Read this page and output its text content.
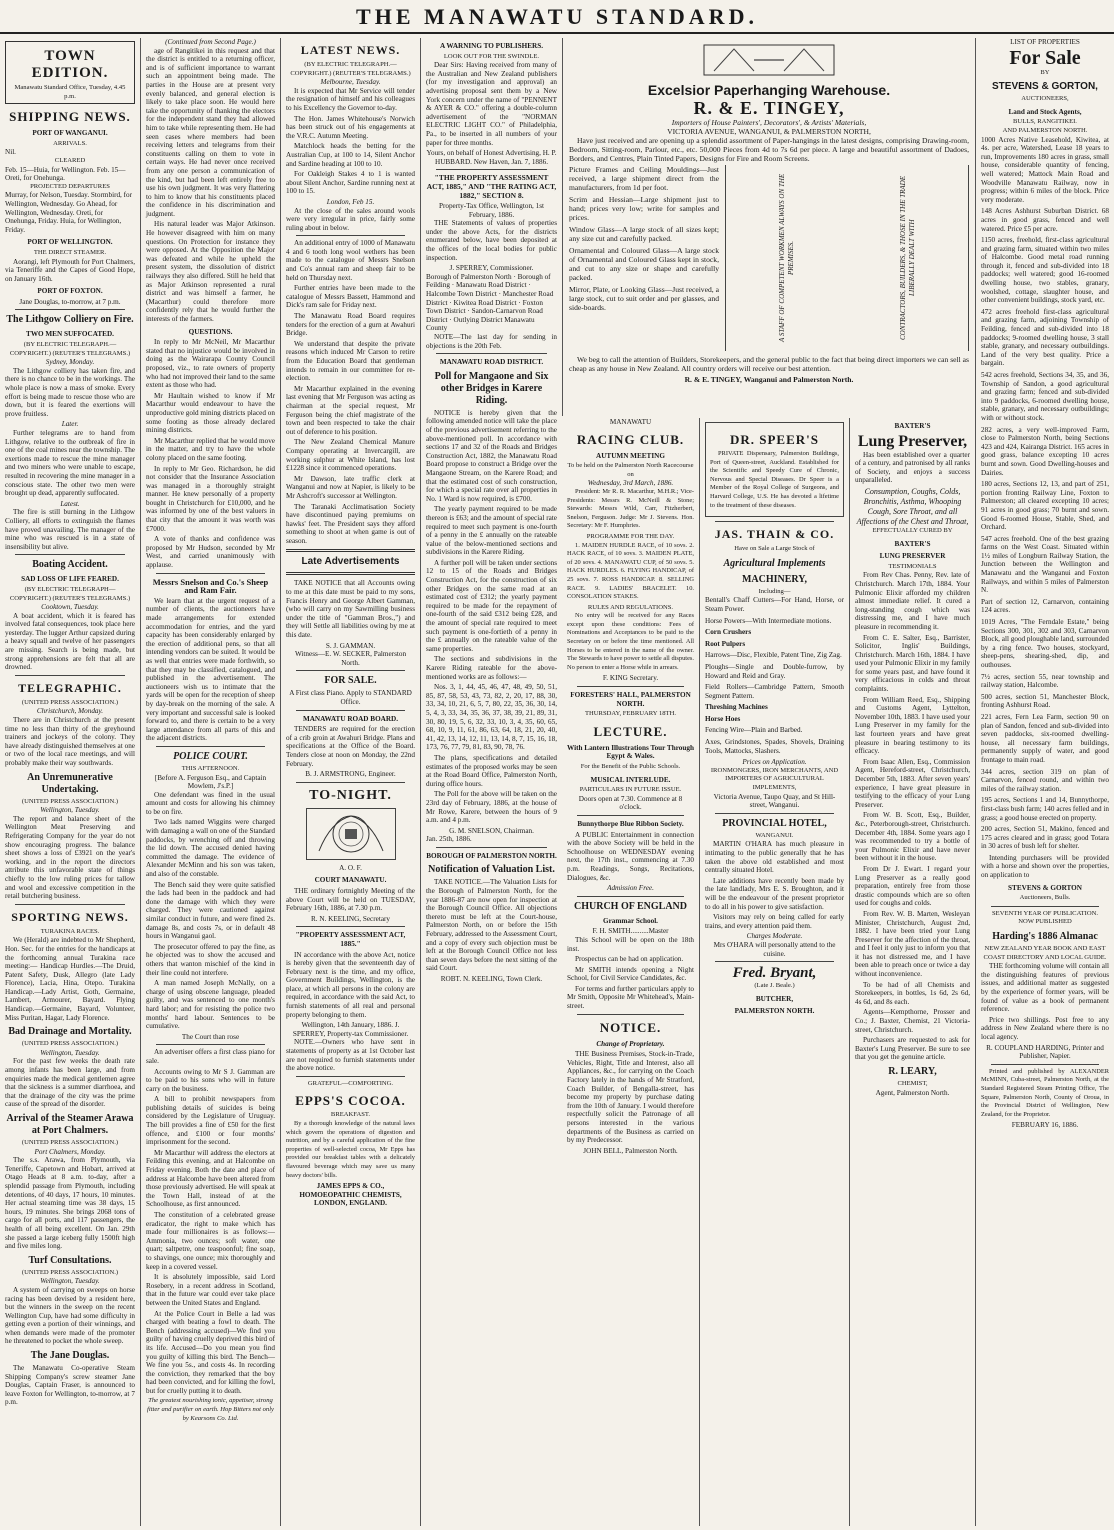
THE MANAWATU STANDARD.
TOWN EDITION.
Manawatu Standard Office, Tuesday, 4.45 p.m.
SHIPPING NEWS.
PORT OF WANGANUI.
ARRIVALS.
Nil.
CLEARED
Feb. 15—Huia, for Wellington. Feb. 15—Oreti, for Onehunga.
PROJECTED DEPARTURES
Murray, for Nelson, Tuesday. Stormbird, for Wellington, Wednesday. Go Ahead, for Wellington, Wednesday. Oreti, for Onehunga, Friday. Huia, for Wellington, Friday.
PORT OF WELLINGTON.
THE DIRECT STEAMER.
Aorangi, left Plymouth for Port Chalmers, via Teneriffe and the Capes of Good Hope, on January 16th.
PORT OF FOXTON.
Jane Douglas, to-morrow, at 7 p.m.
The Lithgow Colliery on Fire.
TWO MEN SUFFOCATED.
(BY ELECTRIC TELEGRAPH.—COPYRIGHT.) (REUTER'S TELEGRAMS.)
Sydney, Monday.
The Lithgow colliery has taken fire, and there is no chance to be in the workings. The whole place is now a mass of smoke. Every effort is being made to rescue those who are down, but it is feared the exertions will prove fruitless.
Later.
Further telegrams are to hand from Lithgow, relative to the outbreak of fire in one of the coal mines near the township. The exertions made to rescue the mine manager and two miners who were unable to escape, resulted in recovering the mine manager in a conscious state. The other two men were brought up dead, apparently suffocated.
Latest.
The fire is still burning in the Lithgow Colliery, all efforts to extinguish the flames have proved unavailing. The manager of the mine who was rescued is in a state of insensibility but alive.
Boating Accident.
SAD LOSS OF LIFE FEARED.
(BY ELECTRIC TELEGRAPH—COPYRIGHT.) (REUTER'S TELEGRAMS.)
Cooktown, Tuesday.
A boat accident, which it is feared has involved fatal consequences, took place here yesterday. The lugger Arthur capsized during a heavy squall and twelve of her passengers are missing. Search is being made, but strong apprehensions are felt that all are drowned.
TELEGRAPHIC.
(UNITED PRESS ASSOCIATION.)
Christchurch, Monday.
There are in Christchurch at the present time no less than thirty of the greyhound trainers and jockeys of the colony. They have already distinguished themselves at one or two of the local race meetings, and will probably make their way southwards.
An Unremunerative Undertaking.
(UNITED PRESS ASSOCIATION.)
Wellington, Tuesday.
The report and balance sheet of the Wellington Meat Preserving and Refrigerating Company for the year do not show encouraging progress. The balance sheet shows a loss of £3921 on the year's working, and in the report the directors attribute this unfavorable state of things chiefly to the low ruling prices for tallow and wool and excessive competition in the retail butchering business.
SPORTING NEWS.
TURAKINA RACES.
We (Herald) are indebted to Mr Shepherd, Hon. Sec. for the entries for the handicaps at the forthcoming annual Turakina race meeting:— Handicap Hurdles.—The Druid, Patent Safety, Dusk, Allegro (late Lady Florence), Lacia, Hina, Otepo. Turakina Handicap.—Lady Artist, Goth, Germaine, Lambert, Armourer, Bayard. Flying Handicap.—Germaine, Bayard, Volunteer, Miss Puritan, Hagar, Lady Florence.
Bad Drainage and Mortality.
(UNITED PRESS ASSOCIATION.)
Wellington, Tuesday.
For the past few weeks the death rate among infants has been large, and from enquiries made the medical gentlemen agree that the sickness is a summer diarrhoea, and that the drainage of the city was the prime cause of the spread of the disorder.
Arrival of the Steamer Arawa at Port Chalmers.
(UNITED PRESS ASSOCIATION.)
Port Chalmers, Monday.
The s.s. Arawa, from Plymouth, via Teneriffe, Capetown and Hobart, arrived at Otago Heads at 8 a.m. to-day, after a splendid passage from Plymouth, including detentions, of 40 days, 17 hours, 10 minutes. Her actual steaming time was 38 days, 15 hours, 19 minutes. She brings 2068 tons of cargo for all ports, and 117 passengers, the health of all being excellent. On Jan. 29th she passed a large iceberg fully 1500ft high and five miles long.
Turf Consultations.
(UNITED PRESS ASSOCIATION.)
Wellington, Tuesday.
A system of carrying on sweeps on horse racing has been devised by a resident here, but the winners in the sweep on the recent Wellington Cup, have had some difficulty in getting even a portion of their winnings, and when demands were made of the promoter he threatened to pocket the whole sweep.
The Jane Douglas.
The Manawatu Co-operative Steam Shipping Company's screw steamer Jane Douglas, Captain Fraser, is announced to leave Foxton for Wellington, to-morrow, at 7 p.m.
(Continued from Second Page.)
age of Rangitikei in this request and that the district is entitled to a returning officer, and is of sufficient importance to warrant such an appointment being made. The parties in the House are at present very evenly balanced, and general election is likely to take place soon. He would here take the opportunity of thanking the electors for the independent stand they had allowed him to take while representing them. He had seen cases where members had been receiving letters and telegrams from their constituents calling on them to vote in certain ways. He had never once received from any one person a communication of the kind, but had been left entirely free to use his own judgment. It was very flattering to him to know that his constituents placed the confidence in his discrimination and judgment.
His natural leader was Major Atkinson. He however disagreed with him on many questions. On Protection for instance they were opposed. At the Opposition the Major was defeated and while he upheld the present system, the dissolution of district railways they also differed. Still he held that as Major Atkinson represented a rural district and was himself a farmer, he (Macarthur) could therefore more confidently rely that he would further the interests of the farmers.
QUESTIONS.
In reply to Mr McNeil, Mr Macarthur stated that no injustice would be involved in doing as the Wairarapa County Council proposed, viz., to rate owners of property who had not improved their land to the same extent as those who had.
Mr Haultain wished to know if Mr Macarthur would endeavour to have the unproductive gold mining districts placed on some footing as those already declared mining districts.
Mr Macarthur replied that he would move in the matter, and try to have the whole colony placed on the same footing.
In reply to Mr Geo. Richardson, he did not consider that the Insurance Association was managed in a thoroughly straight manner. He knew personally of a property bought in Christchurch for £10,000, and he was informed by one of the best valuers in that city that the amount it was worth was £7000.
A vote of thanks and confidence was proposed by Mr Hudson, seconded by Mr West, and carried unanimously with applause.
Messrs Snelson and Co.'s Sheep and Ram Fair.
We learn that at the urgent request of a number of clients, the auctioneers have made arrangements for extended accommodation for entries, and the yard capacity has been considerably enlarged by the erection of additional pens, so that all intending vendors can be suited. It would be as well that entries were made forthwith, so that they may be classified, catalogued, and published in the advertisement. The auctioneers wish us to intimate that the yards will be open for the reception of sheep by day-break on the morning of the sale. A very important and successful sale is looked forward to, and there is certain to be a very large attendance from all parts of this and the adjacent districts.
POLICE COURT.
THIS AFTERNOON.
[Before A. Ferguson Esq., and Captain Mowlem, J's.P.]
One defendant was fined in the usual amount and costs for allowing his chimney to be on fire.
Two lads named Wiggins were charged with damaging a wall on one of the Standard paddocks, by wrenching off and throwing the lid down. The accused denied having committed the damage. The evidence of Alexander McMinn and his son was taken, and also of the constable.
The Bench said they were quite satisfied the lads had been in the paddock and had done the damage with which they were charged. They were cautioned against similar conduct in future, and were fined 2s. damage 8s, and costs 7s, or in default 48 hours in Wanganui gaol.
The prosecutor offered to pay the fine, as he objected was to show the accused and others that wanton mischief of the kind in their line could not interfere.
A man named Joseph McNally, on a charge of using obscene language, pleaded guilty, and was sentenced to one month's hard labor; and for resisting the police two months' hard labour. Sentences to be cumulative.
The Court than rose
An advertiser offers a first class piano for sale.
Accounts owing to Mr S J. Gamman are to be paid to his sons who will in future carry on the business.
A bill to prohibit newspapers from publishing details of suicides is being considered by the Legislature of Uruguay. The bill provides a fine of £50 for the first offence, and £100 or four months' imprisonment for the second.
Mr Macarthur will address the electors at Feilding this evening, and at Halcombe on Friday evening. Both the date and place of address at Halcombe have been altered from those previously advertised. He will speak at the Town Hall, instead of at the Schoolhouse, as first announced.
The constitution of a celebrated grease eradicator, the right to make which has made four millionaires is as follows:—Ammonia, two ounces; soft water, one quart; saltpetre, one teaspoonful; fine soap, to shavings, one ounce; mix thoroughly and keep in a covered vessel.
It is absolutely impossible, said Lord Rosebery, in a recent address in Scotland, that in the future war could ever take place between the United States and England.
At the Police Court in Belle a lad was charged with beating a fowl to death. The Bench (addressing accused)—We find you guilty of having cruelly deprived this bird of its life. Accused—Do you mean you find you guilty of killing this bird. The Bench—We fine you 5s., and costs 4s. In recording the conviction, they remarked that the boy had been convicted, and for killing the fowl, but for cruelly putting it to death.
The greatest nourishing tonic, appetiser, strong fitter and purifier on earth. Hop Bitters not only by Kearsons Co. Ltd.
LATEST NEWS.
(BY ELECTRIC TELEGRAPH.—COPYRIGHT.) (REUTER'S TELEGRAMS.)
Melbourne, Tuesday.
It is expected that Mr Service will tender the resignation of himself and his colleagues to his Excellency the Governor to-day.
The Hon. James Whitehouse's Norwich has been struck out of his engagements at the V.R.C. Autumn Meeting.
Matchlock heads the betting for the Australian Cup, at 100 to 14, Silent Anchor and Sardine heading at 100 to 10.
For Oakleigh Stakes 4 to 1 is wanted about Silent Anchor, Sardine running next at 100 to 15.
London, Feb 15.
At the close of the sales around wools were very irregular in price, fairly some ruling about in below.
An additional entry of 1000 of Manawatu 4 and 6 tooth long wool wethers has been made to the catalogue of Messrs Snelson and Co's annual ram and sheep fair to be held on Thursday next.
Further entries have been made to the catalogue of Messrs Bassett, Hammond and Dick's ram sale for Friday next.
The Manawatu Road Board requires tenders for the erection of a gurn at Awahuri Bridge.
We understand that despite the private reasons which induced Mr Carson to retire from the Education Board that gentleman intends to remain in our committee for re-election.
Mr Macarthur explained in the evening last evening that Mr Ferguson was acting as chairman at the special request, Mr Ferguson being the chief magistrate of the town and been respected to take the chair out of deference to his position.
The New Zealand Chemical Manure Company operating at Invercargill, are working sulphur at White Island, has lost £1228 since it commenced operations.
Mr Dawson, late traffic clerk at Wanganui and now at Napier, is likely to be Mr Ashcroft's successor at Wellington.
The Taranaki Acclimatisation Society have discontinued paying premiums on hawks' feet. The President says they afford something to shoot at when game is out of season.
Late Advertisements
TAKE NOTICE that all Accounts owing to me at this date must be paid to my sons, Francis Henry and George Albert Gamman, (who will carry on my Sawmilling business under the title of "Gamman Bros.,") and they will Settle all liabilities owing by me at this date.
S. J. GAMMAN.
Witness—E. W. SECKER, Palmerston North.
FOR SALE.
A First class Piano. Apply to STANDARD Office.
MANAWATU ROAD BOARD.
TENDERS are required for the erection of a crib groin at Awahuri Bridge. Plans and specifications at the Office of the Board. Tenders close at noon on Monday, the 22nd February.
B. J. ARMSTRONG, Engineer.
TO-NIGHT.
A. O. F.
COURT MANAWATU.
THE ordinary fortnightly Meeting of the above Court will be held on TUESDAY, February 16th, 1886, at 7.30 p.m.
R. N. KEELING, Secretary
"PROPERTY ASSESSMENT ACT, 1885."
IN accordance with the above Act, notice is hereby given that the seventeenth day of February next is the time, and my office, Government Buildings, Wellington, is the place, at which all persons in the colony are required, in accordance with the said Act, to furnish statements of all real and personal property belonging to them.
Wellington, 14th January, 1886. J. SPERREY, Property-tax Commissioner.
NOTE.—Owners who have sent in statements of property as at 1st October last are not required to furnish statements under the above notice.
GRATEFUL—COMFORTING.
EPPS'S COCOA.
BREAKFAST.
By a thorough knowledge of the natural laws which govern the operations of digestion and nutrition, and by a careful application of the fine properties of well-selected cocoa, Mr Epps has provided our breakfast tables with a delicately flavoured beverage which may save us many heavy doctors' bills.
JAMES EPPS & CO., HOMOEOPATHIC CHEMISTS, LONDON, ENGLAND.
A WARNING TO PUBLISHERS.
LOOK OUT FOR THE SWINDLE.
Dear Sirs: Having received from many of the Australian and New Zealand publishers (for my investigation and approval) an advertising proposal sent them by a New York concern under the name of "PENNENT & AYER & CO." offering a double-column advertisement of the "NORMAN ELECTRIC LIGHT CO." of Philadelphia, Pa., to be inserted in all numbers of your paper for three months.
Yours, on behalf of Honest Advertising, H. P. HUBBARD. New Haven, Jan. 7, 1886.
"THE PROPERTY ASSESSMENT ACT, 1885," AND "THE RATING ACT, 1882," SECTION 8.
Property-Tax Office, Wellington, 1st February, 1886.
THE Statements of values of properties under the above Acts, for the districts enumerated below, have been deposited at the offices of the local bodies for public inspection.
J. SPERREY, Commissioner.
Borough of Palmerston North · Borough of Feilding · Manawatu Road District · Halcombe Town District · Manchester Road District · Kiwitea Road District · Foxton Town District · Sandon-Carnarvon Road District · Outlying District Manawatu County
NOTE—The last day for sending in objections is the 20th Feb.
MANAWATU ROAD DISTRICT.
Poll for Mangaone and Six other Bridges in Karere Riding.
NOTICE is hereby given that the following amended notice will take the place of the previous advertisement referring to the above-mentioned poll. In accordance with sections 17 and 32 of the Roads and Bridges Construction Act, 1882, the Manawatu Road Board propose to construct a Bridge over the Mangaone Stream, on the Karere Road; and that the estimated cost of such construction, for which a special rate over all properties in No. 1 Ward is now required, is £700.
The yearly payment required to be made thereon is £63; and the amount of special rate required to meet such payment is one-fourth of a penny in the £ annually on the rateable value of the below-mentioned sections and subdivisions in the Karere Riding.
A further poll will be taken under sections 12 to 15 of the Roads and Bridges Construction Act, for the construction of six other Bridges on the same road at an estimated cost of £312; the yearly payment required to be made for the repayment of one-fourth of the said £312 being £28, and the amount of special rate required to meet such payment is one-fortieth of a penny in the £ annually on the rateable value of the same properties.
The sections and subdivisions in the Karere Riding rateable for the above-mentioned works are as follows:—
Nos. 3, 1, 44, 45, 46, 47, 48, 49, 50, 51, 85, 87, 58, 53, 43, 73, 82, 2, 20, 17, 88, 30, 33, 34, 10, 21, 6, 5, 7, 80, 22, 35, 36, 30, 14, 5, 4, 3, 33, 34, 35, 36, 37, 38, 39, 21, 89, 31, 30, 80, 19, 5, 6, 32, 33, 10, 3, 4, 35, 60, 65, 68, 10, 9, 11, 61, 86, 63, 64, 18, 21, 20, 40, 41, 42, 13, 14, 12, 11, 13, 14, 8, 7, 15, 16, 18, 173, 76, 77, 79, 81, 83, 90, 78, 76.
The plans, specifications and detailed estimates of the proposed works may be seen at the Road Board Office, Palmerston North, during office hours.
The Poll for the above will be taken on the 23rd day of February, 1886, at the house of Mr Rowe, Karere, between the hours of 9 a.m. and 4 p.m.
G. M. SNELSON, Chairman.
Jan. 25th, 1886.
BOROUGH OF PALMERSTON NORTH.
Notification of Valuation List.
TAKE NOTICE.—The Valuation Lists for the Borough of Palmerston North, for the year 1886-87 are now open for inspection at the Borough Council Office. All objections thereto must be left at the Court-house, Palmerston North, on or before the 15th February, addressed to the Assessment Court, and a copy of every such objection must be left at the Borough Council Office not less than seven days before the next sitting of the said Court.
ROBT. N. KEELING, Town Clerk.
Excelsior Paperhanging Warehouse.
R. & E. TINGEY,
Importers of House Painters', Decorators', & Artists' Materials,
VICTORIA AVENUE, WANGANUI, & PALMERSTON NORTH,
Have just received and are opening up a splendid assortment of Paper-hangings in the latest designs, comprising Drawing-room, Bedroom, Sitting-room, Parlour, etc., etc. 50,000 Pieces from 4d to 7s 6d per piece. A large and beautiful assortment of Dadoes, Borders, and Centres, Plain Tinted Papers, Designs for Fire and Room Screens.
Picture Frames and Ceiling Mouldings—Just received, a large shipment direct from the manufacturers, from 1d per foot.
Scrim and Hessian—Large shipment just to hand; prices very low; write for samples and prices.
Window Glass—A large stock of all sizes kept; any size cut and carefully packed.
Ornamental and Coloured Glass—A large stock of Ornamental and Coloured Glass kept in stock, and cut to any size or shape and carefully packed.
Mirror, Plate, or Looking Glass—Just received, a large stock, cut to suit order and per glasses, and side-boards.	A STAFF OF COMPETENT WORKMEN ALWAYS ON THE PREMISES.	CONTRACTORS, BUILDERS, & THOSE IN THE TRADE LIBERALLY DEALT WITH
We beg to call the attention of Builders, Storekeepers, and the general public to the fact that being direct importers we can sell as cheap as any house in New Zealand. All country orders will receive our best attention.
R. & E. TINGEY, Wanganui and Palmerston North.
MANAWATU
RACING CLUB.
AUTUMN MEETING
To be held on the Palmerston North Racecourse on
Wednesday, 3rd March, 1886.
President: Mr R. R. Macarthur, M.H.R.; Vice-Presidents: Messrs R. McNeill & Stone; Stewards: Messrs Wild, Carr, Fitzherbert, Snelson, Ferguson. Judge: Mr J. Stevens. Hon. Secretary: Mr F. Humphries.
PROGRAMME FOR THE DAY.
1. MAIDEN HURDLE RACE, of 10 sovs. 2. HACK RACE, of 10 sovs. 3. MAIDEN PLATE, of 20 sovs. 4. MANAWATU CUP, of 50 sovs. 5. HACK HURDLES. 6. FLYING HANDICAP, of 25 sovs. 7. ROSS HANDICAP. 8. SELLING RACE. 9. LADIES' BRACELET. 10. CONSOLATION STAKES.
RULES AND REGULATIONS.
No entry will be received for any Races except upon these conditions: Fees of Nominations and Acceptances to be paid to the Secretary on or before the time mentioned. All Horses to be entered in the name of the owner. The Stewards to have power to settle all disputes. No person to enter a Horse while in arrears.
F. KING Secretary.
FORESTERS' HALL, PALMERSTON NORTH.
THURSDAY, FEBRUARY 18TH.
LECTURE.
With Lantern Illustrations Tour Through Egypt & Wales.
For the Benefit of the Public Schools.
MUSICAL INTERLUDE.
PARTICULARS IN FUTURE ISSUE.
Doors open at 7.30. Commence at 8 o'clock.
Bunnythorpe Blue Ribbon Society.
A PUBLIC Entertainment in connection with the above Society will be held in the Schoolhouse on WEDNESDAY evening next, the 17th inst., commencing at 7.30 p.m. Readings, Songs, Recitations, Dialogues, &c.
Admission Free.
CHURCH OF ENGLAND
Grammar School.
F. H. SMITH..........Master
This School will be open on the 18th inst.
Prospectus can be had on application.
Mr SMITH intends opening a Night School, for Civil Service Candidates, &c.
For terms and further particulars apply to Mr Smith, Opposite Mr Whitehead's, Main-street.
NOTICE.
Change of Proprietary.
THE Business Premises, Stock-in-Trade, Vehicles, Right, Title and Interest, also all Appliances, &c., for carrying on the Coach Factory lately in the hands of Mr Stratford, Coach Builder, of Bengalla-street, has become my property by purchase dating from the 10th of January. I would therefore respectfully solicit the Patronage of all persons interested in the various departments of the Business as carried on by my Predecessor.
JOHN BELL, Palmerston North.
DR. SPEER'S
PRIVATE Dispensary, Palmerston Buildings, Port of Queen-street, Auckland. Established for the Scientific and Speedy Cure of Chronic, Nervous and Special Diseases. Dr Speer is a Member of the Royal College of Surgeons, and Harvard College, U.S. He has devoted a lifetime to the treatment of these diseases.
JAS. THAIN & CO.
Have on Sale a Large Stock of
Agricultural Implements
MACHINERY,
Including—
Bentall's Chaff Cutters—For Hand, Horse, or Steam Power.
Horse Powers—With Intermediate motions.
Corn Crushers
Root Pulpers
Harrows—Disc, Flexible, Patent Tine, Zig Zag.
Ploughs—Single and Double-furrow, by Howard and Reid and Gray.
Field Rollers—Cambridge Pattern, Smooth Segment Pattern.
Threshing Machines
Horse Hoes
Fencing Wire—Plain and Barbed.
Axes, Grindstones, Spades, Shovels, Draining Tools, Mattocks, Slashers.
Prices on Application.
IRONMONGERS, IRON MERCHANTS, AND IMPORTERS OF AGRICULTURAL IMPLEMENTS,
Victoria Avenue, Taupo Quay, and St Hill-street, Wanganui.
PROVINCIAL HOTEL,
WANGANUI.
MARTIN O'HARA has much pleasure in intimating to the public generally that he has taken the above old established and most centrally situated Hotel.
Late additions have recently been made by the late landlady, Mrs E. S. Broughton, and it will be the endeavour of the present proprietor to do all in his power to give satisfaction.
Visitors may rely on being called for early trains, and every attention paid them.
Charges Moderate.
Mrs O'HARA will personally attend to the cuisine.
Fred. Bryant,
(Late J. Beale.)
BUTCHER,
PALMERSTON NORTH.
BAXTER'S
Lung Preserver,
Has been established over a quarter of a century, and patronised by all ranks of Society, and enjoys a success unparalleled.
Consumption, Coughs, Colds, Bronchitis, Asthma, Whooping Cough, Sore Throat, and all Affections of the Chest and Throat,
EFFECTUALLY CURED BY
BAXTER'S
LUNG PRESERVER
TESTIMONIALS
From Rev Chas. Penny, Rev. late of Christchurch. March 17th, 1884. Your Pulmonic Elixir afforded my children almost immediate relief. It cured a long-standing cough which was distressing me, and I have much pleasure in recommending it.
From C. E. Salter, Esq., Barrister, Solicitor, Inglis' Buildings, Christchurch. March 16th, 1884. I have used your Pulmonic Elixir in my family for some years past, and have found it very efficacious in colds and throat complaints.
From William Reed, Esq., Shipping and Customs Agent, Lyttelton, November 10th, 1883. I have used your Lung Preserver in my family for the last fourteen years and have great pleasure in bearing testimony to its efficacy.
From Isaac Allen, Esq., Commission Agent, Hereford-street, Christchurch, December 5th, 1883. After seven years' experience, I have great pleasure in testifying to the efficacy of your Lung Preserver.
From W. B. Scott, Esq., Builder, &c., Peterborough-street, Christchurch. December 4th, 1884. Some years ago I was recommended to try a bottle of your Pulmonic Elixir and have never been without it in the house.
From Dr J. Ewart. I regard your Lung Preserver as a really good preparation, entirely free from those drastic compounds which are so often used for coughs and colds.
From Rev. W. B. Marten, Wesleyan Minister, Christchurch, August 2nd, 1882. I have been tried your Lung Preserver for the affection of the throat, and I feel it only just to inform you that it has not distressed me, and I have been able to preach once or twice a day without inconvenience.
To be had of all Chemists and Storekeepers, in bottles, 1s 6d, 2s 6d, 4s 6d, and 8s each.
Agents—Kempthorne, Prosser and Co.; J. Baxter, Chemist, 21 Victoria-street, Christchurch.
Purchasers are requested to ask for Baxter's Lung Preserver. Be sure to see that you get the genuine article.
R. LEARY,
CHEMIST,
Agent, Palmerston North.
LIST OF PROPERTIES
For Sale
BY
STEVENS & GORTON,
AUCTIONEERS,
Land and Stock Agents,
BULLS, RANGITIKEI.
AND PALMERSTON NORTH.
1000 Acres Native Leasehold, Kiwitea, at 4s. per acre, Watershed, Lease 18 years to run, Improvements 180 acres in grass, small house, considerable quantity of fencing, well watered; Mattock Main Road and Woodville Manawatu Railway, now in progress; within 6 miles of the block. Price very moderate.
148 Acres Ashhurst Suburban District. 68 acres in good grass, fenced and well watered. Price £5 per acre.
1150 acres, freehold, first-class agricultural and grazing farm, situated within two miles of Halcombe. Good metal road running through it, fenced and sub-divided into 18 paddocks; well watered; good 16-roomed dwelling house, two stables, granary, woolshed, cottage, slaughter house, and other convenient buildings, stock yard, etc.
472 acres freehold first-class agricultural and grazing farm, adjoining Township of Feilding, fenced and sub-divided into 18 paddocks; 9-roomed dwelling house, 3 stall stable, granary, and necessary outbuildings. Land of the very best quality. Price a bargain.
542 acres freehold, Sections 34, 35, and 36, Township of Sandon, a good agricultural and grazing farm; fenced and sub-divided into 9 paddocks, 6-roomed dwelling house, stable, granary, and necessary outbuildings; with or without stock.
282 acres, a very well-improved Farm, close to Palmerston North, being Sections 423 and 424, Kairanga District. 165 acres in good grass, balance excepting 10 acres burnt and sown. Good Dwelling-houses and Dairies.
180 acres, Sections 12, 13, and part of 251, portion fronting Railway Line, Foxton to Palmerston; all cleared excepting 10 acres; 91 acres in good grass; 70 burnt and sown. Good 6-roomed House, Stable, Shed, and Orchard.
547 acres freehold. One of the best grazing farms on the West Coast. Situated within 1½ miles of Longburn Railway Station, the Junction between the Wellington and Manawatu and the Wanganui and Foxton Railways, and within 5 miles of Palmerston N.
Part of section 12, Carnarvon, containing 124 acres.
1019 Acres, "The Ferndale Estate," being Sections 300, 301, 302 and 303, Carnarvon Block, all good ploughable land, surrounded by a ring fence. Two houses, stockyard, sheep-pens, shearing-shed, dip, and outhouses.
7½ acres, section 55, near township and railway station, Halcombe.
500 acres, section 51, Manchester Block, fronting Ashhurst Road.
221 acres, Fern Lea Farm, section 90 on plan of Sandon, fenced and sub-divided into seven paddocks, six-roomed dwelling-house, all necessary farm buildings, permanently supply of water, and good frontage to main road.
344 acres, section 319 on plan of Carnarvon, fenced round, and within two miles of the railway station.
195 acres, Sections 1 and 14, Bunnythorpe, first-class bush farm; 140 acres felled and in grass; a good house erected on property.
200 acres, Section 51, Makino, fenced and 175 acres cleared and in grass; good Totara in 30 acres of bush left for shelter.
Intending purchasers will be provided with a horse and shown over the properties, on application to
STEVENS & GORTON
Auctioneers, Bulls.
SEVENTH YEAR OF PUBLICATION.
NOW PUBLISHED
Harding's 1886 Almanac
NEW ZEALAND YEAR BOOK AND EAST COAST DIRECTORY AND LOCAL GUIDE.
THE forthcoming volume will contain all the distinguishing features of previous issues, and additional matter as suggested by the experience of former years, will be found of value as a book of permanent reference.
Price two shillings. Post free to any address in New Zealand where there is no local agency.
R. COUPLAND HARDING, Printer and Publisher, Napier.
Printed and published by ALEXANDER McMINN, Cuba-street, Palmerston North, at the Standard Registered Steam Printing Office, The Square, Palmerston North, County of Oroua, in the Provincial District of Wellington, New Zealand, for the Proprietor.
FEBRUARY 16, 1886.
